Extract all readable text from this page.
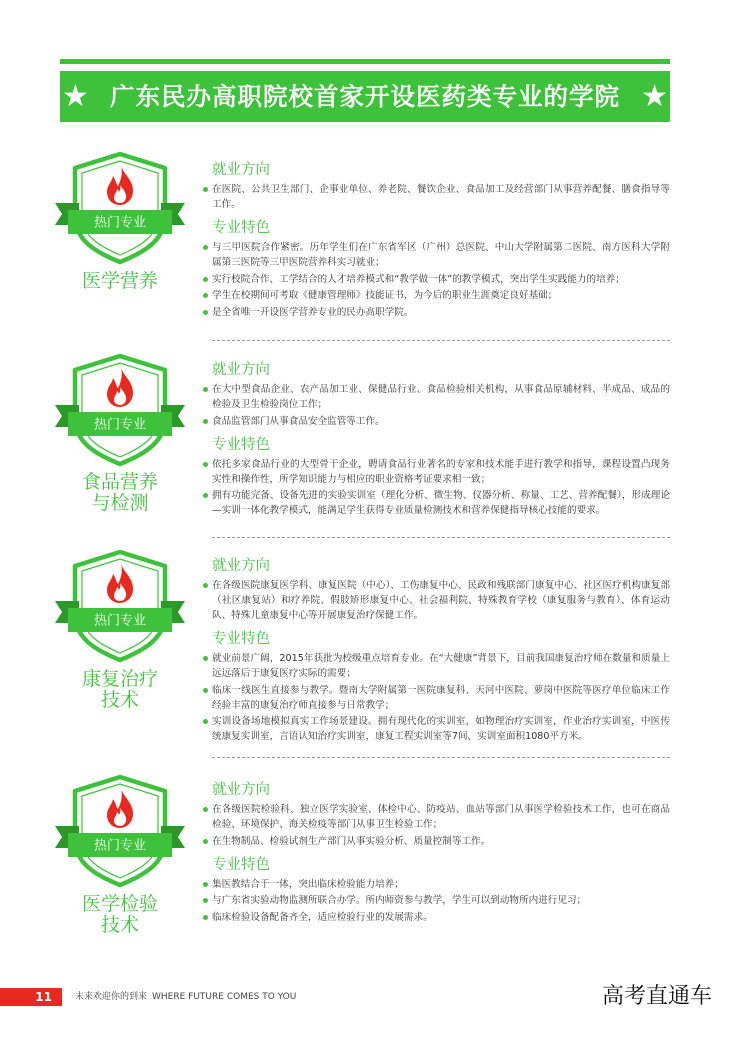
★ 广东民办高职院校首家开设医药类专业的学院 ★
热门专业
医学营养
就业方向
在医院、公共卫生部门、企事业单位、养老院、餐饮企业、食品加工及经营部门从事营养配餐、膳食指导等工作。
专业特色
与三甲医院合作紧密。历年学生们在广东省军区（广州）总医院、中山大学附属第二医院、南方医科大学附属第三医院等三甲医院营养科实习就业；
实行校院合作、工学结合的人才培养模式和“教学做一体”的教学模式，突出学生实践能力的培养；
学生在校期间可考取《健康管理师》技能证书，为今后的职业生涯奠定良好基础；
是全省唯一开设医学营养专业的民办高职学院。
热门专业
食品营养
与检测
就业方向
在大中型食品企业、农产品加工业、保健品行业、食品检验相关机构，从事食品原辅材料、半成品、成品的检验及卫生检验岗位工作；
食品监管部门从事食品安全监管等工作。
专业特色
依托多家食品行业的大型骨干企业，聘请食品行业著名的专家和技术能手进行教学和指导，课程设置凸现务实性和操作性，所学知识能力与相应的职业资格考证要求相一致；
拥有功能完备、设备先进的实验实训室（理化分析、微生物、仪器分析、称量、工艺、营养配餐），形成理论—实训一体化教学模式，能满足学生获得专业质量检测技术和营养保健指导核心技能的要求。
热门专业
康复治疗
技术
就业方向
在各级医院康复医学科、康复医院（中心）、工伤康复中心、民政和残联部门康复中心、社区医疗机构康复部（社区康复站）和疗养院、假肢矫形康复中心、社会福利院、特殊教育学校（康复服务与教育）、体育运动队、特殊儿童康复中心等开展康复治疗保健工作。
专业特色
就业前景广阔，2015年获批为校级重点培育专业。在“大健康”背景下，目前我国康复治疗师在数量和质量上远远落后于康复医疗实际的需要；
临床一线医生直接参与教学。暨南大学附属第一医院康复科、天河中医院、萝岗中医院等医疗单位临床工作经验丰富的康复治疗师直接参与日常教学；
实训设备场地模拟真实工作场景建设。拥有现代化的实训室，如物理治疗实训室，作业治疗实训室，中医传统康复实训室，言语认知治疗实训室，康复工程实训室等7间，实训室面积1080平方米。
热门专业
医学检验
技术
就业方向
在各级医院检验科、独立医学实验室、体检中心、防疫站、血站等部门从事医学检验技术工作，也可在商品检验、环境保护、海关检疫等部门从事卫生检验工作；
在生物制品、检验试剂生产部门从事实验分析、质量控制等工作。
专业特色
集医教结合于一体，突出临床检验能力培养；
与广东省实验动物监测所联合办学。所内师资参与教学，学生可以到动物所内进行见习；
临床检验设备配备齐全，适应检验行业的发展需求。
11	未来欢迎你的到来 WHERE FUTURE COMES TO YOU	高考直通车
